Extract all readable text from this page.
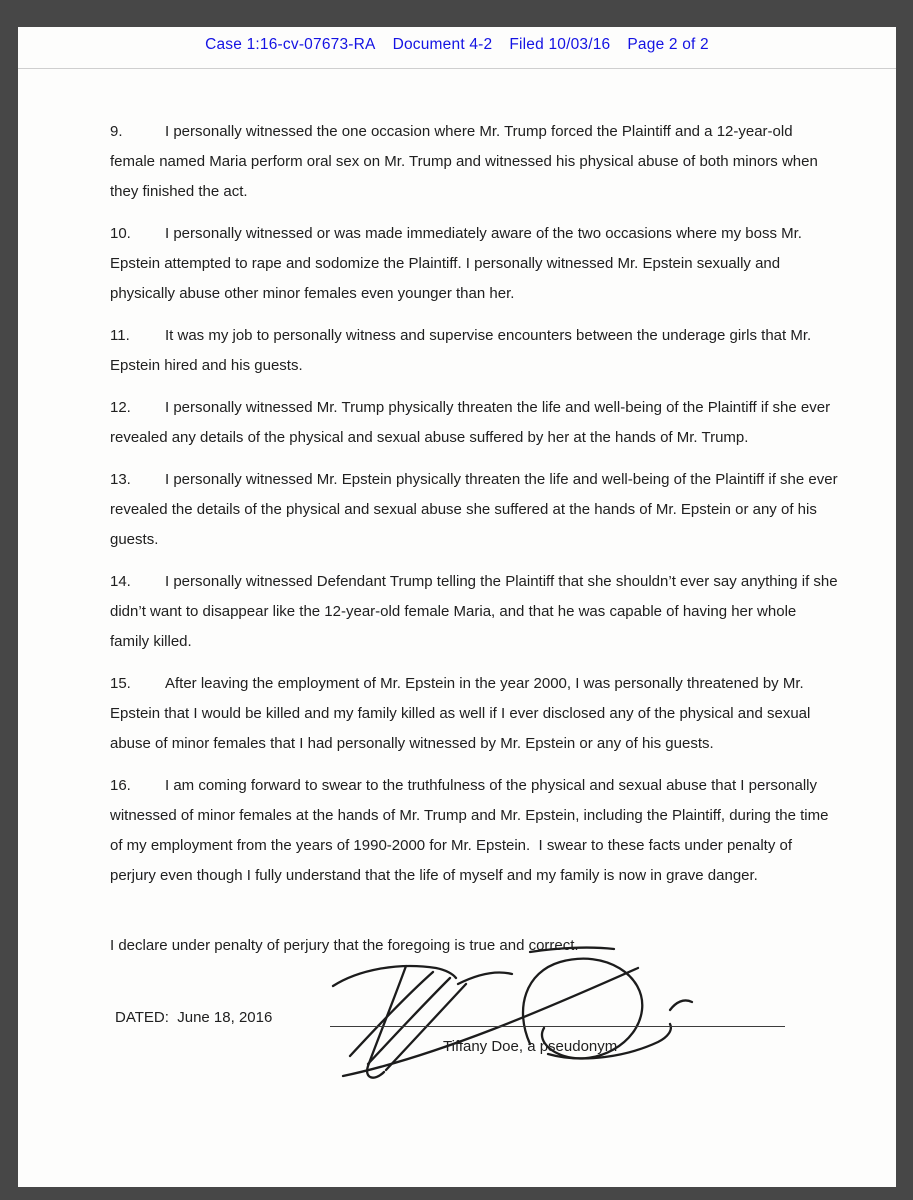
Case 1:16-cv-07673-RA Document 4-2 Filed 10/03/16 Page 2 of 2

9.	I personally witnessed the one occasion where Mr. Trump forced the Plaintiff and a 12-year-old female named Maria perform oral sex on Mr. Trump and witnessed his physical abuse of both minors when they finished the act.

10. I personally witnessed or was made immediately aware of the two occasions where my boss Mr. Epstein attempted to rape and sodomize the Plaintiff. I personally witnessed Mr. Epstein sexually and physically abuse other minor females even younger than her.

11. It was my job to personally witness and supervise encounters between the underage girls that Mr. Epstein hired and his guests.

12. I personally witnessed Mr. Trump physically threaten the life and well-being of the Plaintiff if she ever revealed any details of the physical and sexual abuse suffered by her at the hands of Mr. Trump.

13. I personally witnessed Mr. Epstein physically threaten the life and well-being of the Plaintiff if she ever revealed the details of the physical and sexual abuse she suffered at the hands of Mr. Epstein or any of his guests.

14. I personally witnessed Defendant Trump telling the Plaintiff that she shouldn’t ever say anything if she didn’t want to disappear like the 12-year-old female Maria, and that he was capable of having her whole family killed.

15. After leaving the employment of Mr. Epstein in the year 2000, I was personally threatened by Mr. Epstein that I would be killed and my family killed as well if I ever disclosed any of the physical and sexual abuse of minor females that I had personally witnessed by Mr. Epstein or any of his guests.

16. I am coming forward to swear to the truthfulness of the physical and sexual abuse that I personally witnessed of minor females at the hands of Mr. Trump and Mr. Epstein, including the Plaintiff, during the time of my employment from the years of 1990-2000 for Mr. Epstein.  I swear to these facts under penalty of perjury even though I fully understand that the life of myself and my family is now in grave danger.

I declare under penalty of perjury that the foregoing is true and correct.

DATED:  June 18, 2016
Tiffany Doe, a pseudonym
